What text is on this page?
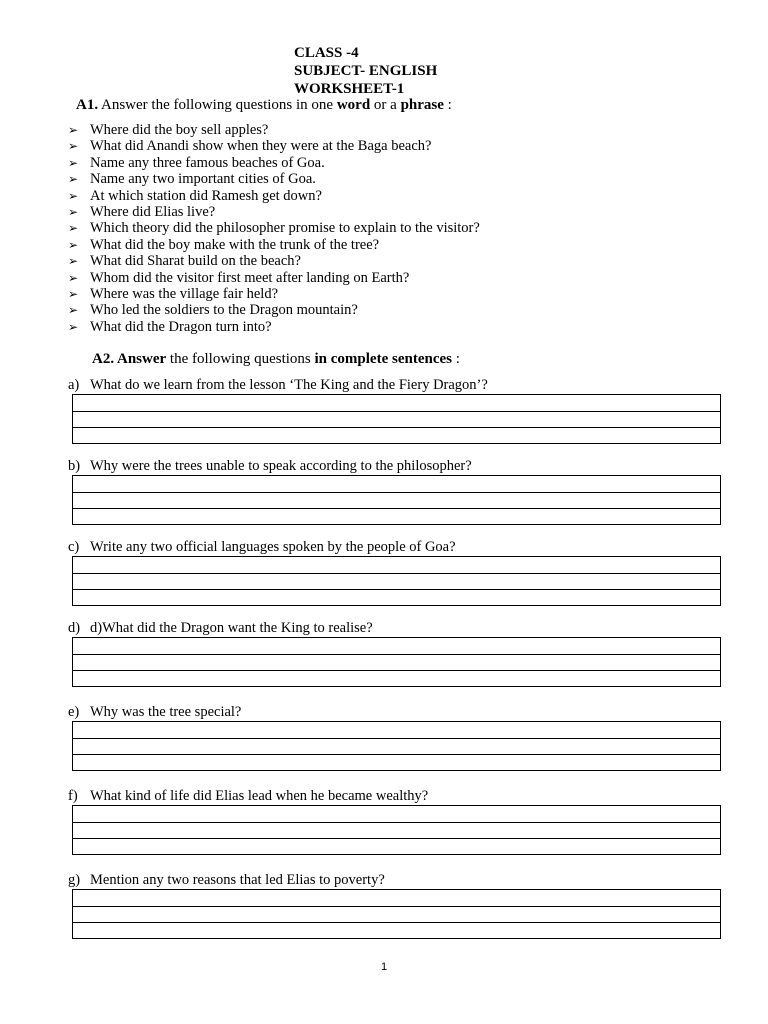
CLASS -4
SUBJECT- ENGLISH
WORKSHEET-1
A1. Answer the following questions in one word or a phrase :
➢ Where did the boy sell apples?
➢ What did Anandi show when they were at the Baga beach?
➢ Name any three famous beaches of Goa.
➢ Name any two important cities of Goa.
➢ At which station did Ramesh get down?
➢ Where did Elias live?
➢ Which theory did the philosopher promise to explain to the visitor?
➢ What did the boy make with the trunk of the tree?
➢ What did Sharat build on the beach?
➢ Whom did the visitor first meet after landing on Earth?
➢ Where was the village fair held?
➢ Who led the soldiers to the Dragon mountain?
➢ What did the Dragon turn into?
A2. Answer the following questions in complete sentences :
a) What do we learn from the lesson ‘The King and the Fiery Dragon’?
b) Why were the trees unable to speak according to the philosopher?
c) Write any two official languages spoken by the people of Goa?
d) d)What did the Dragon want the King to realise?
e) Why was the tree special?
f) What kind of life did Elias lead when he became wealthy?
g) Mention any two reasons that led Elias to poverty?
1
